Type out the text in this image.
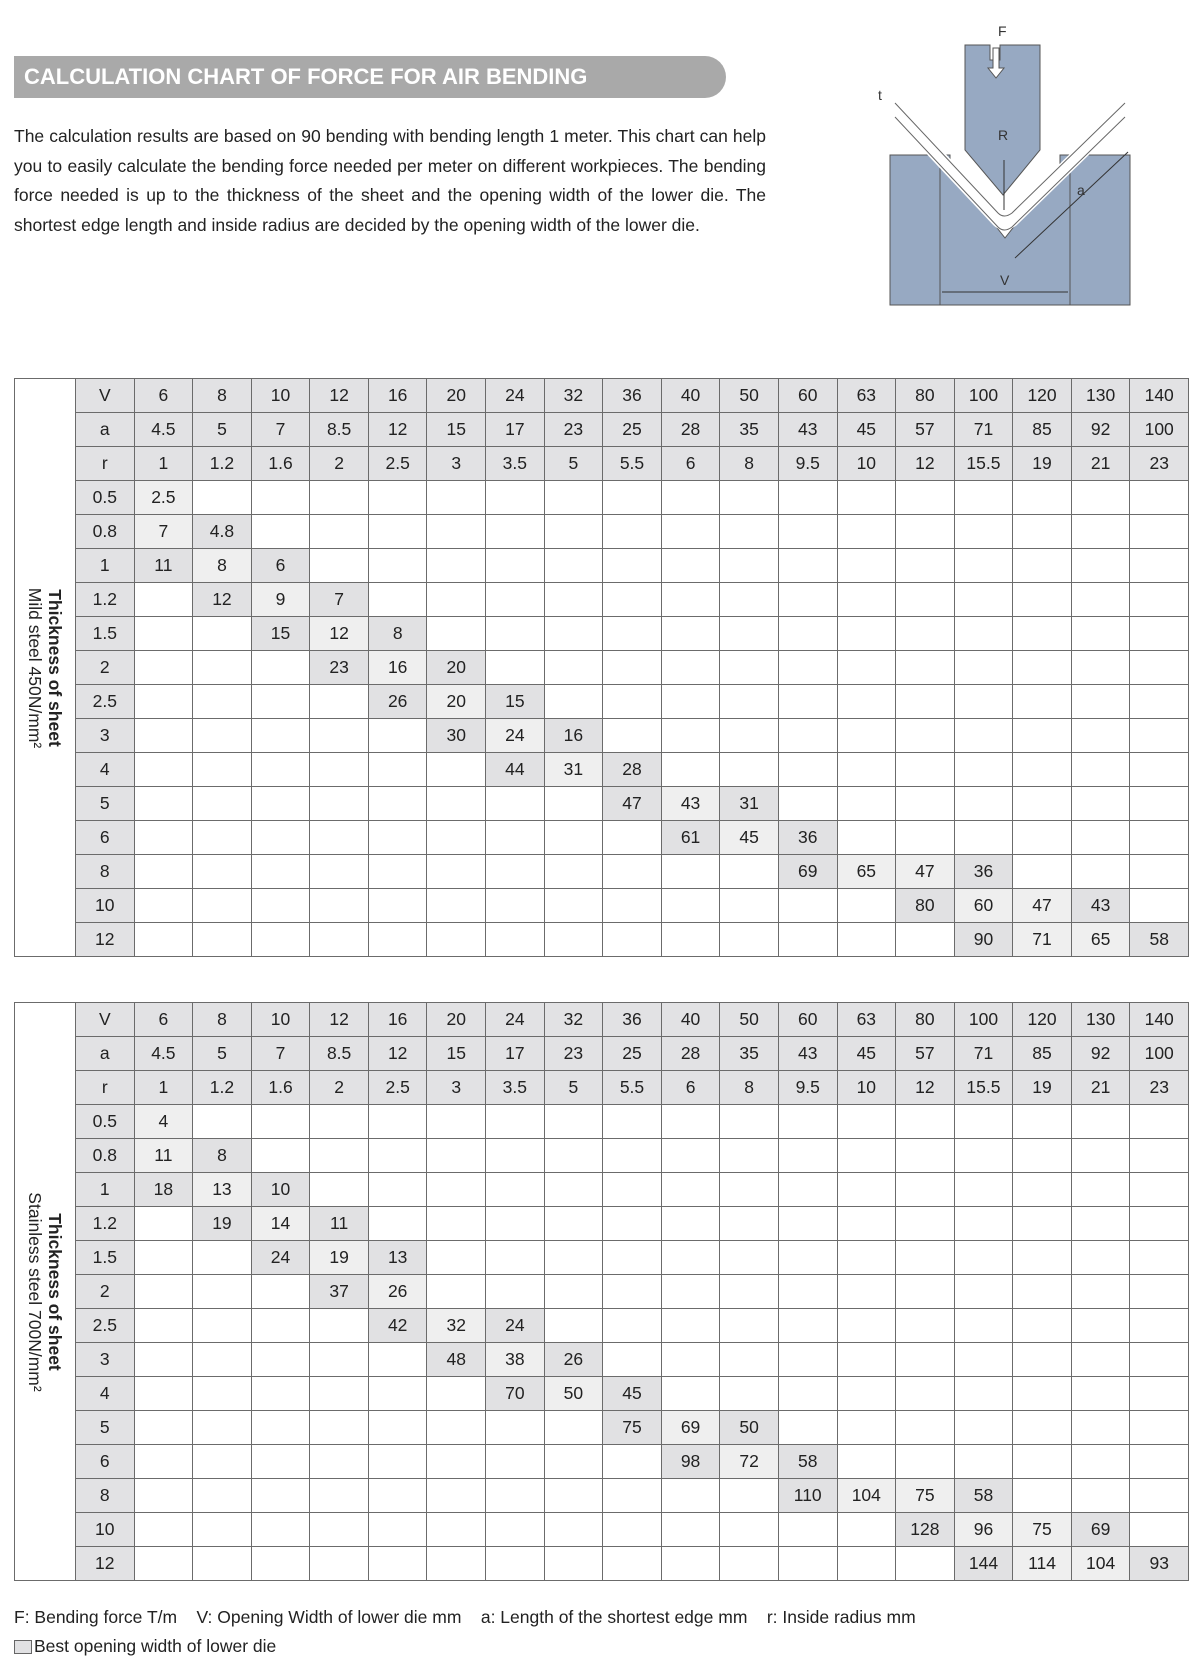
CALCULATION CHART OF FORCE FOR AIR BENDING
The calculation results are based on 90 bending with bending length 1 meter. This chart can help you to easily calculate the bending force needed per meter on different workpieces. The bending force needed is up to the thickness of the sheet and the opening width of the lower die. The shortest edge length and inside radius are decided by the opening width of the lower die.
F
t
R
a
V
Thickness of sheet
Mild steel 450N/mm²	V	6	8	10	12	16	20	24	32	36	40	50	60	63	80	100	120	130	140
	a	4.5	5	7	8.5	12	15	17	23	25	28	35	43	45	57	71	85	92	100
	r	1	1.2	1.6	2	2.5	3	3.5	5	5.5	6	8	9.5	10	12	15.5	19	21	23
	0.5	2.5																	
	0.8	7	4.8																
	1	11	8	6															
	1.2		12	9	7														
	1.5			15	12	8													
	2				23	16	20												
	2.5					26	20	15											
	3						30	24	16										
	4							44	31	28									
	5									47	43	31							
	6										61	45	36						
	8												69	65	47	36			
	10														80	60	47	43	
	12															90	71	65	58
Thickness of sheet
Stainless steel 700N/mm²	V	6	8	10	12	16	20	24	32	36	40	50	60	63	80	100	120	130	140
	a	4.5	5	7	8.5	12	15	17	23	25	28	35	43	45	57	71	85	92	100
	r	1	1.2	1.6	2	2.5	3	3.5	5	5.5	6	8	9.5	10	12	15.5	19	21	23
	0.5	4																	
	0.8	11	8																
	1	18	13	10															
	1.2		19	14	11														
	1.5			24	19	13													
	2				37	26													
	2.5					42	32	24											
	3						48	38	26										
	4							70	50	45									
	5									75	69	50							
	6										98	72	58						
	8												110	104	75	58			
	10														128	96	75	69	
	12															144	114	104	93
F: Bending force T/m    V: Opening Width of lower die mm    a: Length of the shortest edge mm    r: Inside radius mm
Best opening width of lower die
